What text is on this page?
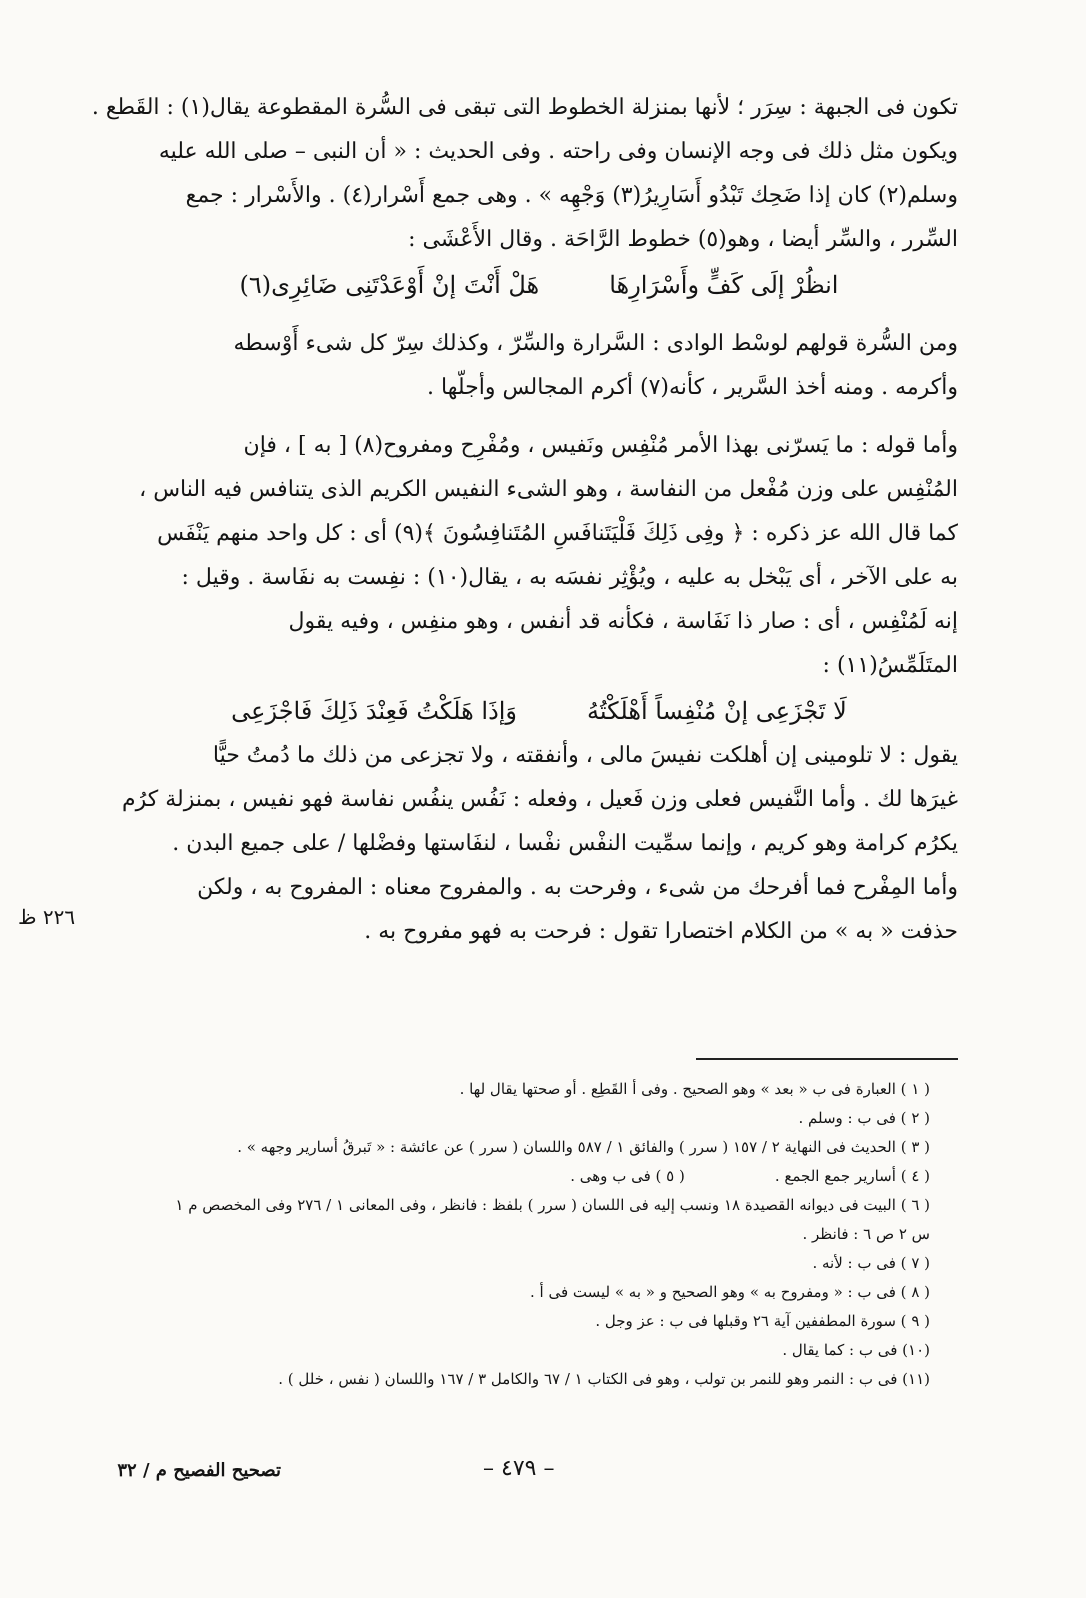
تكون فى الجبهة : سِرَر ؛ لأنها بمنزلة الخطوط التى تبقى فى السُّرة المقطوعة يقال(١) : القَطع .
ويكون مثل ذلك فى وجه الإنسان وفى راحته . وفى الحديث : « أن النبى – صلى الله عليه
وسلم(٢) كان إذا ضَحِك تَبْدُو أَسَارِيرُ(٣) وَجْهِه » . وهى جمع أَسْرار(٤) . والأَسْرار : جمع
السِّرر ، والسِّر أيضا ، وهو(٥) خطوط الرَّاحَة . وقال الأَعْشَى :
انظُرْ إلَى كَفٍّ وأَسْرَارِهَا
هَلْ أَنْتَ إنْ أَوْعَدْتَنِى ضَائِرِى(٦)
ومن السُّرة قولهم لوسْط الوادى : السَّرارة والسِّرّ ، وكذلك سِرّ كل شىء أَوْسطه
وأكرمه . ومنه أخذ السَّرير ، كأنه(٧) أكرم المجالس وأجلّها .
وأما قوله : ما يَسرّنى بهذا الأمر مُنْفِس ونَفيس ، ومُفْرِح ومفروح(٨) [ به ] ، فإن
المُنْفِس على وزن مُفْعل من النفاسة ، وهو الشىء النفيس الكريم الذى يتنافس فيه الناس ،
كما قال الله عز ذكره : ﴿ وفِى ذَلِكَ فَلْيَتَنافَسِ المُتَنافِسُونَ ﴾(٩) أى : كل واحد منهم يَنْفَس
به على الآخر ، أى يَبْخل به عليه ، ويُؤْثِر نفسَه به ، يقال(١٠) : نفِست به نفَاسة . وقيل :
إنه لَمُنْفِس ، أى : صار ذا نَفَاسة ، فكأنه قد أنفس ، وهو منفِس ، وفيه يقول
المتَلَمِّسُ(١١) :
لَا تَجْزَعِى إنْ مُنْفِساً أَهْلَكْتُهُ
وَإذَا هَلَكْتُ فَعِنْدَ ذَلِكَ فَاجْزَعِى
يقول : لا تلومينى إن أهلكت نفيسَ مالى ، وأنفقته ، ولا تجزعى من ذلك ما دُمتُ حيًّا
غيرَها لك . وأما النَّفيس فعلى وزن فَعيل ، وفعله : نَفُس ينفُس نفاسة فهو نفيس ، بمنزلة كرُم
يكرُم كرامة وهو كريم ، وإنما سمِّيت النفْس نفْسا ، لنفَاستها وفضْلها / على جميع البدن .
وأما المِفْرح فما أفرحك من شىء ، وفرحت به . والمفروح معناه : المفروح به ، ولكن
حذفت « به » من الكلام اختصارا تقول : فرحت به فهو مفروح به .
٢٢٦ ظ
( ١ ) العبارة فى ب « بعد » وهو الصحيح . وفى أ القَطِع . أو صحتها يقال لها .
( ٢ ) فى ب : وسلم .
( ٣ ) الحديث فى النهاية ٢ / ١٥٧ ( سرر ) والفائق ١ / ٥٨٧ واللسان ( سرر ) عن عائشة : « تَبرقُ أسارير وجهه » .
( ٤ ) أسارير جمع الجمع .
( ٥ ) فى ب وهى .
( ٦ ) البيت فى ديوانه القصيدة ١٨ ونسب إليه فى اللسان ( سرر ) بلفظ : فانظر ، وفى المعانى ١ / ٢٧٦ وفى المخصص م ١
س ٢ ص ٦ : فانظر .
( ٧ ) فى ب : لأنه .
( ٨ ) فى ب : « ومفروح به » وهو الصحيح و « به » ليست فى أ .
( ٩ ) سورة المطففين آية ٢٦ وقبلها فى ب : عز وجل .
(١٠) فى ب : كما يقال .
(١١) فى ب : النمر وهو للنمر بن تولب ، وهو فى الكتاب ١ / ٦٧ والكامل ٣ / ١٦٧ واللسان ( نفس ، خلل ) .
تصحيح الفصيح م / ٣٢	– ٤٧٩ –
